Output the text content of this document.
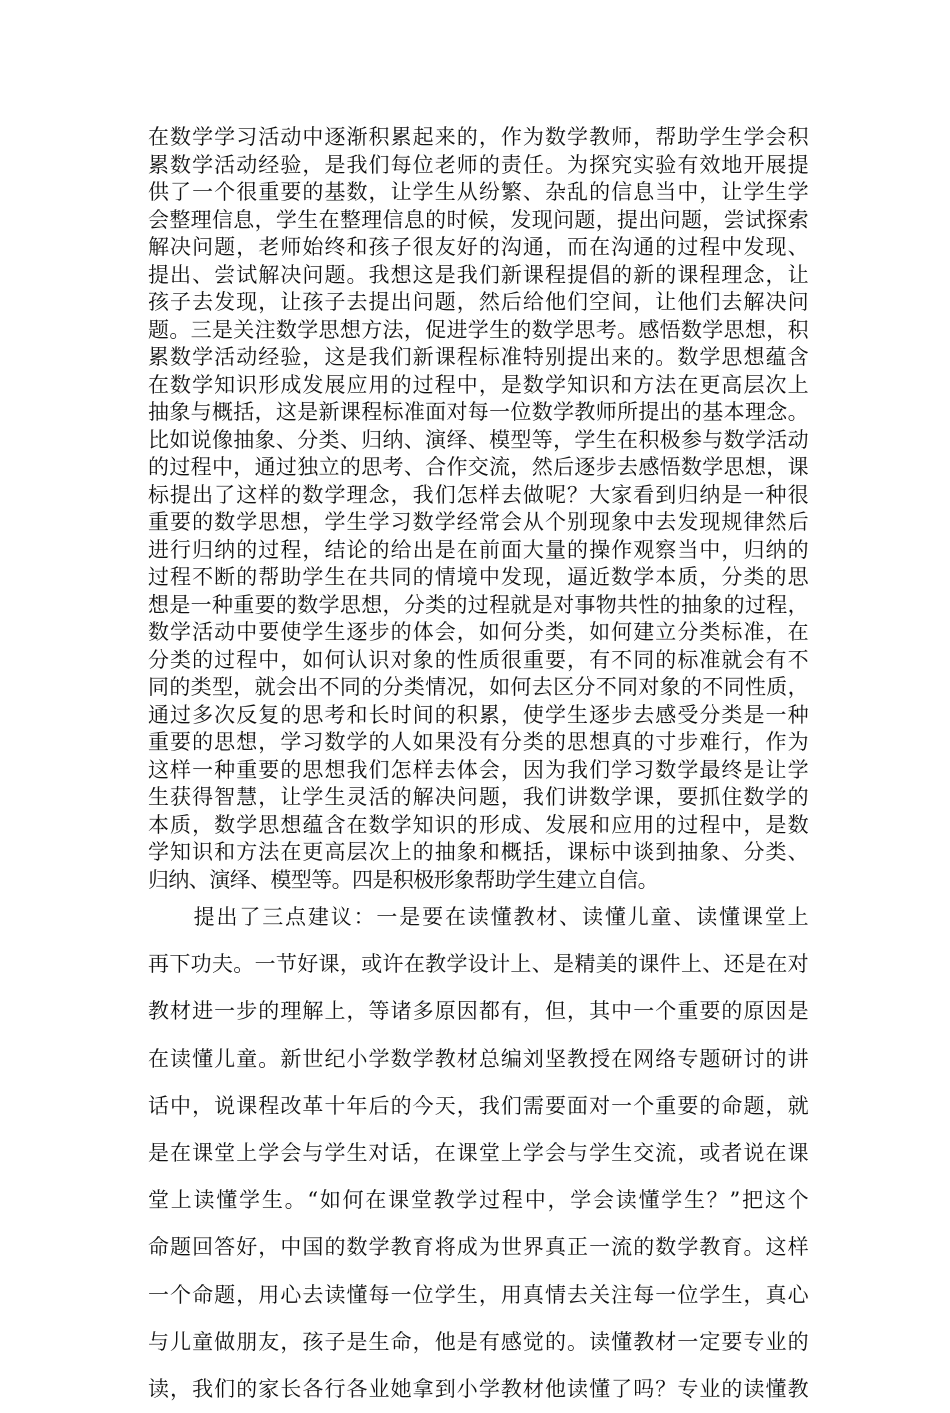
在数学学习活动中逐渐积累起来的，作为数学教师，帮助学生学会积
累数学活动经验，是我们每位老师的责任。为探究实验有效地开展提
供了一个很重要的基数，让学生从纷繁、杂乱的信息当中，让学生学
会整理信息，学生在整理信息的时候，发现问题，提出问题，尝试探索
解决问题，老师始终和孩子很友好的沟通，而在沟通的过程中发现、
提出、尝试解决问题。我想这是我们新课程提倡的新的课程理念，让
孩子去发现，让孩子去提出问题，然后给他们空间，让他们去解决问
题。三是关注数学思想方法，促进学生的数学思考。感悟数学思想，积
累数学活动经验，这是我们新课程标准特别提出来的。数学思想蕴含
在数学知识形成发展应用的过程中，是数学知识和方法在更高层次上
抽象与概括，这是新课程标准面对每一位数学教师所提出的基本理念。
比如说像抽象、分类、归纳、演绎、模型等，学生在积极参与数学活动
的过程中，通过独立的思考、合作交流，然后逐步去感悟数学思想，课
标提出了这样的数学理念，我们怎样去做呢？大家看到归纳是一种很
重要的数学思想，学生学习数学经常会从个别现象中去发现规律然后
进行归纳的过程，结论的给出是在前面大量的操作观察当中，归纳的
过程不断的帮助学生在共同的情境中发现，逼近数学本质，分类的思
想是一种重要的数学思想，分类的过程就是对事物共性的抽象的过程，
数学活动中要使学生逐步的体会，如何分类，如何建立分类标准，在
分类的过程中，如何认识对象的性质很重要，有不同的标准就会有不
同的类型，就会出不同的分类情况，如何去区分不同对象的不同性质，
通过多次反复的思考和长时间的积累，使学生逐步去感受分类是一种
重要的思想，学习数学的人如果没有分类的思想真的寸步难行，作为
这样一种重要的思想我们怎样去体会，因为我们学习数学最终是让学
生获得智慧，让学生灵活的解决问题，我们讲数学课，要抓住数学的
本质，数学思想蕴含在数学知识的形成、发展和应用的过程中，是数
学知识和方法在更高层次上的抽象和概括，课标中谈到抽象、分类、
归纳、演绎、模型等。四是积极形象帮助学生建立自信。
　　提出了三点建议：一是要在读懂教材、读懂儿童、读懂课堂上
再下功夫。一节好课，或许在教学设计上、是精美的课件上、还是在对
教材进一步的理解上，等诸多原因都有，但，其中一个重要的原因是
在读懂儿童。新世纪小学数学教材总编刘坚教授在网络专题研讨的讲
话中，说课程改革十年后的今天，我们需要面对一个重要的命题，就
是在课堂上学会与学生对话，在课堂上学会与学生交流，或者说在课
堂上读懂学生。“如何在课堂教学过程中，学会读懂学生？”把这个
命题回答好，中国的数学教育将成为世界真正一流的数学教育。这样
一个命题，用心去读懂每一位学生，用真情去关注每一位学生，真心
与儿童做朋友，孩子是生命，他是有感觉的。读懂教材一定要专业的
读，我们的家长各行各业她拿到小学教材他读懂了吗？专业的读懂教
